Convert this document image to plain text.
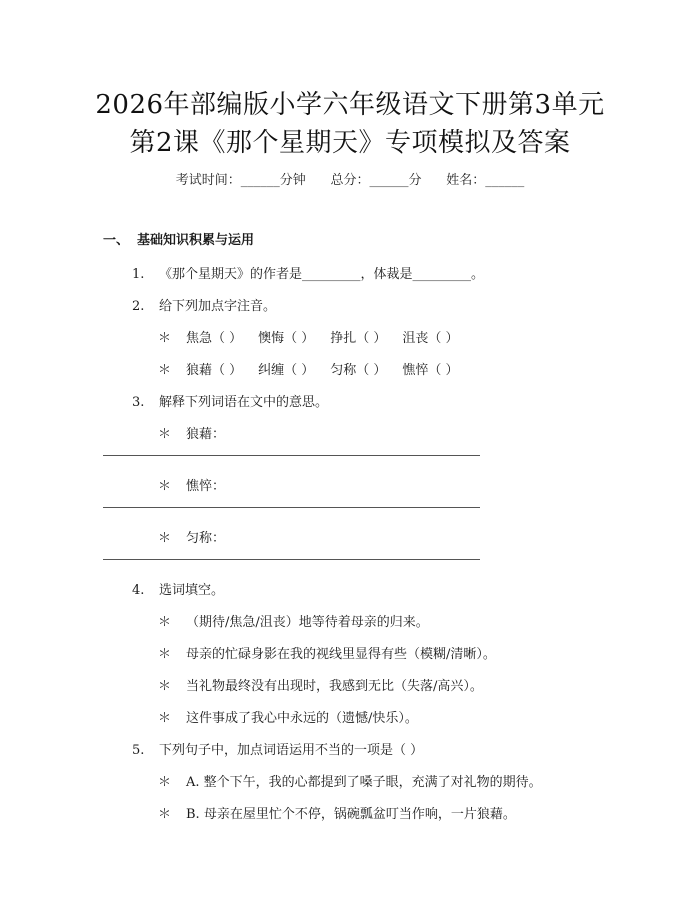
2026年部编版小学六年级语文下册第3单元
第2课《那个星期天》专项模拟及答案
考试时间：______分钟      总分：______分      姓名：______
一、 基础知识积累与运用
1. 《那个星期天》的作者是_________，体裁是_________。
2. 给下列加点字注音。
＊ 焦急（ ） 懊悔（ ） 挣扎（ ） 沮丧（ ）
＊ 狼藉（ ） 纠缠（ ） 匀称（ ） 憔悴（ ）
3. 解释下列词语在文中的意思。
＊ 狼藉：
＊ 憔悴：
＊ 匀称：
4. 选词填空。
＊ （期待/焦急/沮丧）地等待着母亲的归来。
＊ 母亲的忙碌身影在我的视线里显得有些（模糊/清晰）。
＊ 当礼物最终没有出现时，我感到无比（失落/高兴）。
＊ 这件事成了我心中永远的（遗憾/快乐）。
5. 下列句子中，加点词语运用不当的一项是（ ）
＊ A. 整个下午，我的心都提到了嗓子眼，充满了对礼物的期待。
＊ B. 母亲在屋里忙个不停，锅碗瓢盆叮当作响，一片狼藉。
